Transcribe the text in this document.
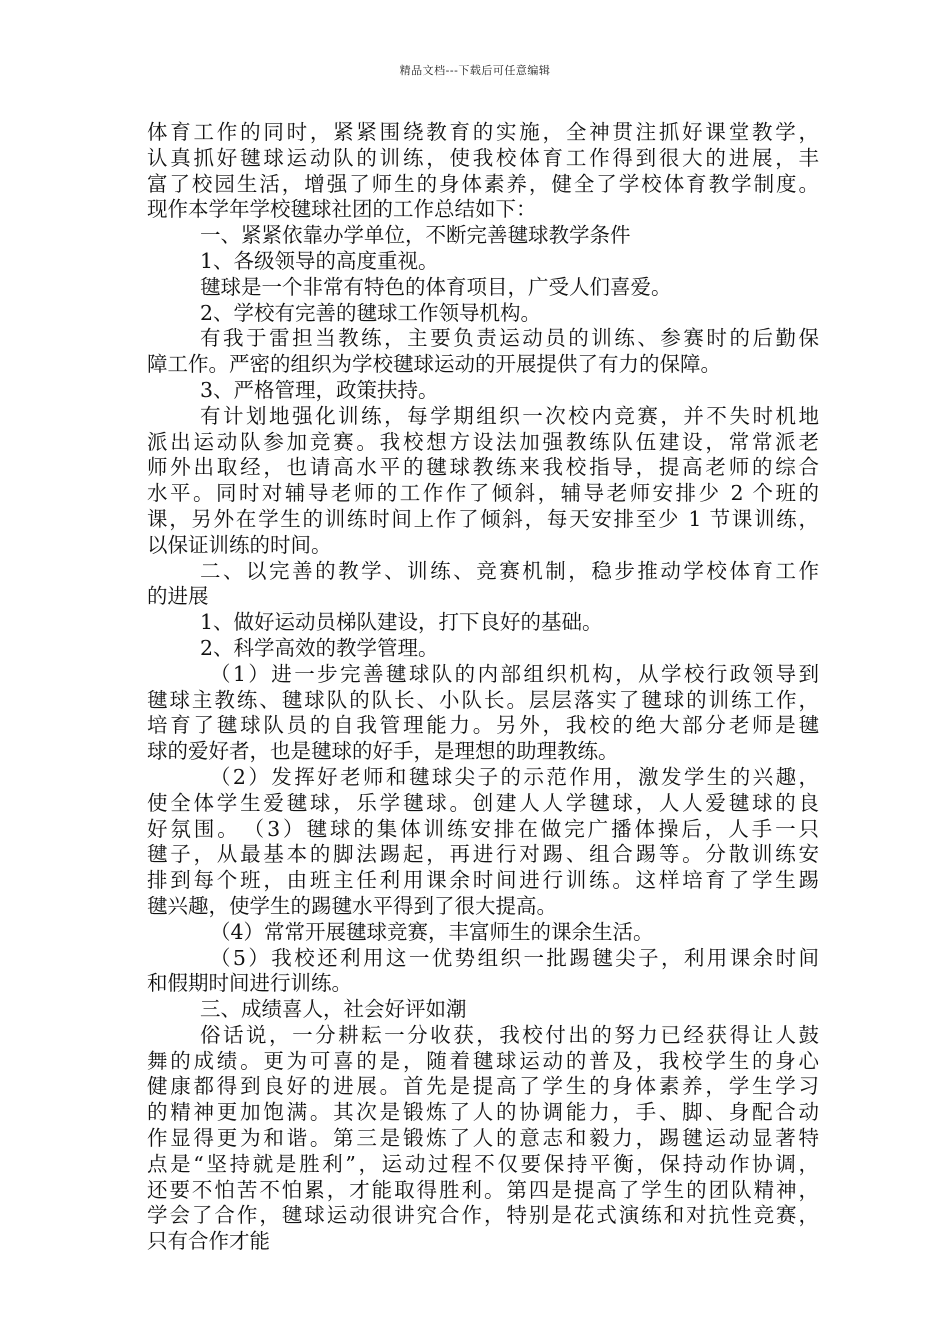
精品文档---下载后可任意编辑
体育工作的同时，紧紧围绕教育的实施，全神贯注抓好课堂教学，
认真抓好毽球运动队的训练，使我校体育工作得到很大的进展，丰
富了校园生活，增强了师生的身体素养，健全了学校体育教学制度。
现作本学年学校毽球社团的工作总结如下：
一、紧紧依靠办学单位，不断完善毽球教学条件
1、各级领导的高度重视。
毽球是一个非常有特色的体育项目，广受人们喜爱。
2、学校有完善的毽球工作领导机构。
有我于雷担当教练，主要负责运动员的训练、参赛时的后勤保
障工作。严密的组织为学校毽球运动的开展提供了有力的保障。
3、严格管理，政策扶持。
有计划地强化训练，每学期组织一次校内竞赛，并不失时机地
派出运动队参加竞赛。我校想方设法加强教练队伍建设，常常派老
师外出取经，也请高水平的毽球教练来我校指导，提高老师的综合
水平。同时对辅导老师的工作作了倾斜，辅导老师安排少 2 个班的
课，另外在学生的训练时间上作了倾斜，每天安排至少 1 节课训练，
以保证训练的时间。
二、以完善的教学、训练、竞赛机制，稳步推动学校体育工作
的进展
1、做好运动员梯队建设，打下良好的基础。
2、科学高效的教学管理。
（1）进一步完善毽球队的内部组织机构，从学校行政领导到
毽球主教练、毽球队的队长、小队长。层层落实了毽球的训练工作，
培育了毽球队员的自我管理能力。另外，我校的绝大部分老师是毽
球的爱好者，也是毽球的好手，是理想的助理教练。
（2）发挥好老师和毽球尖子的示范作用，激发学生的兴趣，
使全体学生爱毽球，乐学毽球。创建人人学毽球，人人爱毽球的良
好氛围。　（3）毽球的集体训练安排在做完广播体操后，人手一只
毽子，从最基本的脚法踢起，再进行对踢、组合踢等。分散训练安
排到每个班，由班主任利用课余时间进行训练。这样培育了学生踢
毽兴趣，使学生的踢毽水平得到了很大提高。
（4）常常开展毽球竞赛，丰富师生的课余生活。
（5）我校还利用这一优势组织一批踢毽尖子，利用课余时间
和假期时间进行训练。
三、成绩喜人，社会好评如潮
俗话说，一分耕耘一分收获，我校付出的努力已经获得让人鼓
舞的成绩。更为可喜的是，随着毽球运动的普及，我校学生的身心
健康都得到良好的进展。首先是提高了学生的身体素养，学生学习
的精神更加饱满。其次是锻炼了人的协调能力，手、脚、身配合动
作显得更为和谐。第三是锻炼了人的意志和毅力，踢毽运动显著特
点是“坚持就是胜利”，运动过程不仅要保持平衡，保持动作协调，
还要不怕苦不怕累，才能取得胜利。第四是提高了学生的团队精神，
学会了合作，毽球运动很讲究合作，特别是花式演练和对抗性竞赛，
只有合作才能
